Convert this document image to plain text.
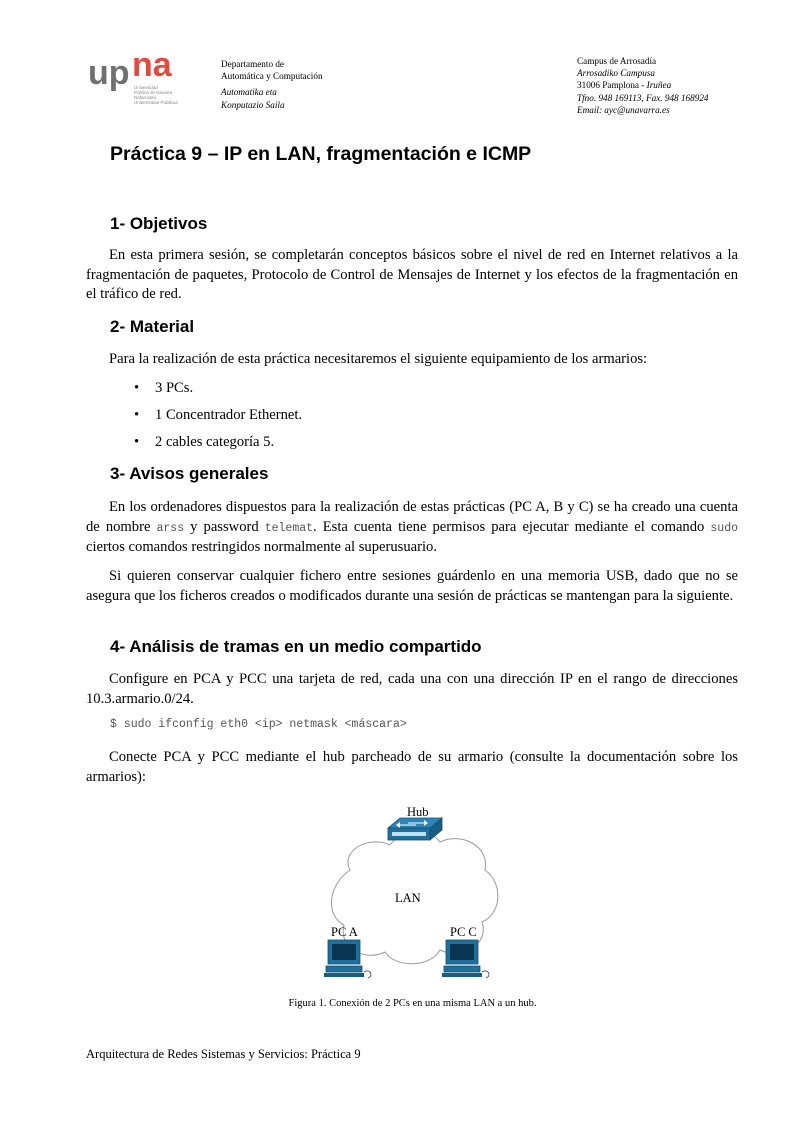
up na
Universidad
Pública de Navarra
Nafarroako
Unibertsitate Publikoa
Departamento de
Automática y Computación
Automatika eta
Konputazio Saila
Campus de Arrosadía
Arrosadiko Campusa
31006 Pamplona - Iruñea
Tfno. 948 169113, Fax. 948 168924
Email: ayc@unavarra.es
Práctica 9 – IP en LAN, fragmentación e ICMP
1- Objetivos
En esta primera sesión, se completarán conceptos básicos sobre el nivel de red en Internet relativos a la fragmentación de paquetes, Protocolo de Control de Mensajes de Internet y los efectos de la fragmentación en el tráfico de red.
2- Material
Para la realización de esta práctica necesitaremos el siguiente equipamiento de los armarios:
• 3 PCs.
• 1 Concentrador Ethernet.
• 2 cables categoría 5.
3- Avisos generales
En los ordenadores dispuestos para la realización de estas prácticas (PC A, B y C) se ha creado una cuenta de nombre arss y password telemat. Esta cuenta tiene permisos para ejecutar mediante el comando sudo ciertos comandos restringidos normalmente al superusuario.
Si quieren conservar cualquier fichero entre sesiones guárdenlo en una memoria USB, dado que no se asegura que los ficheros creados o modificados durante una sesión de prácticas se mantengan para la siguiente.
4- Análisis de tramas en un medio compartido
Configure en PCA y PCC una tarjeta de red, cada una con una dirección IP en el rango de direcciones 10.3.armario.0/24.
$ sudo ifconfig eth0 <ip> netmask <máscara>
Conecte PCA y PCC mediante el hub parcheado de su armario (consulte la documentación sobre los armarios):
Hub
LAN
PC A	PC C
Figura 1. Conexión de 2 PCs en una misma LAN a un hub.
Arquitectura de Redes Sistemas y Servicios: Práctica 9
